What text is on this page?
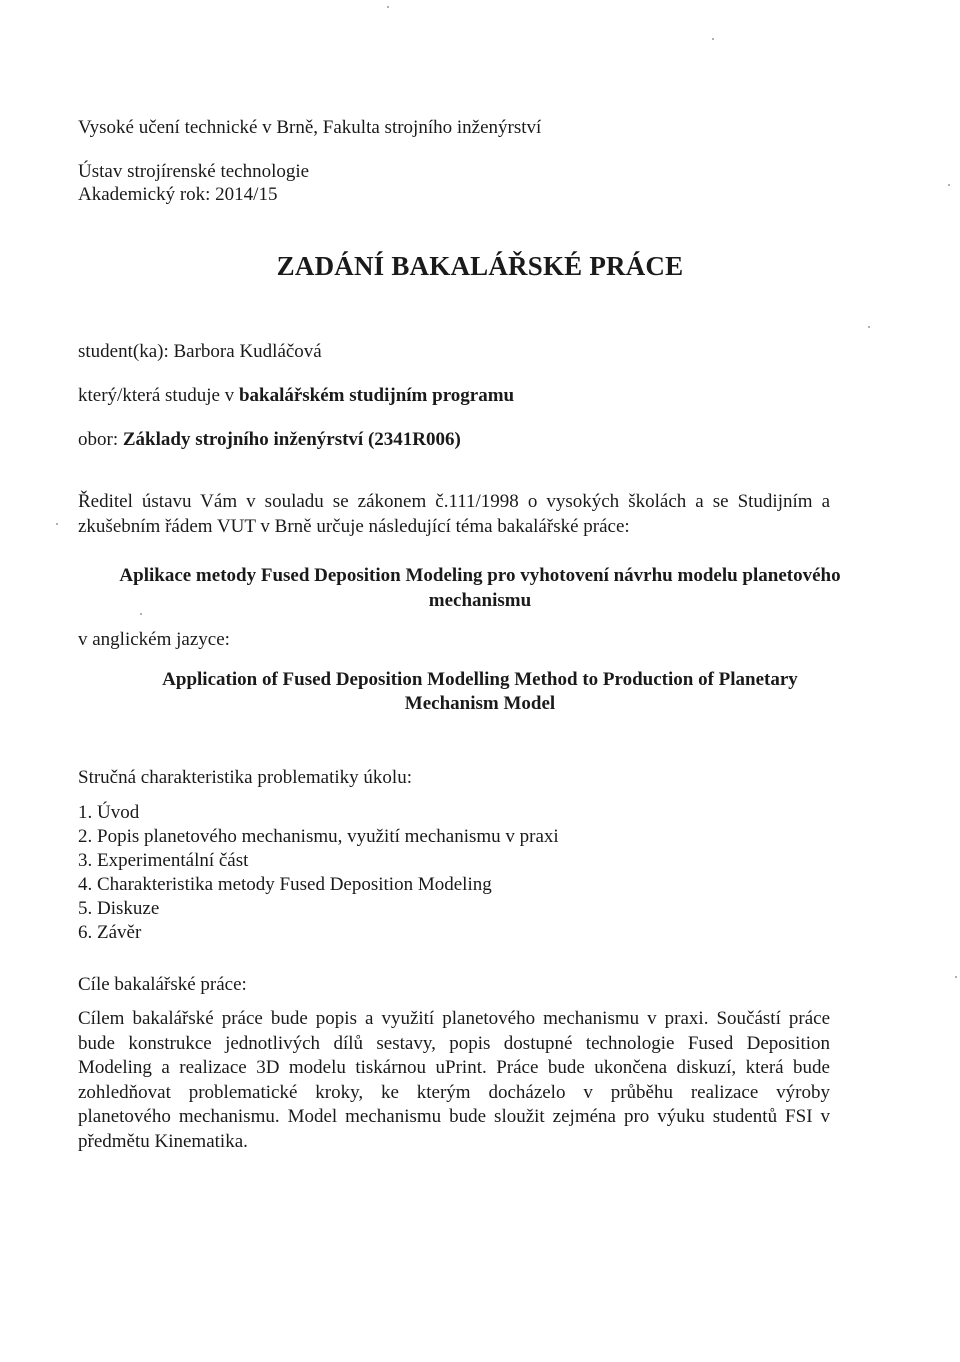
Vysoké učení technické v Brně, Fakulta strojního inženýrství
Ústav strojírenské technologie
Akademický rok: 2014/15
ZADÁNÍ BAKALÁŘSKÉ PRÁCE
student(ka): Barbora Kudláčová
který/která studuje v bakalářském studijním programu
obor: Základy strojního inženýrství (2341R006)
Ředitel ústavu Vám v souladu se zákonem č.111/1998 o vysokých školách a se Studijním a
zkušebním řádem VUT v Brně určuje následující téma bakalářské práce:
Aplikace metody Fused Deposition Modeling pro vyhotovení návrhu modelu planetového
mechanismu
v anglickém jazyce:
Application of Fused Deposition Modelling Method to Production of Planetary
Mechanism Model
Stručná charakteristika problematiky úkolu:
1. Úvod
2. Popis planetového mechanismu, využití mechanismu v praxi
3. Experimentální část
4. Charakteristika metody Fused Deposition Modeling
5. Diskuze
6. Závěr
Cíle bakalářské práce:
Cílem bakalářské práce bude popis a využití planetového mechanismu v praxi. Součástí práce
bude konstrukce jednotlivých dílů sestavy, popis dostupné technologie Fused Deposition
Modeling a realizace 3D modelu tiskárnou uPrint. Práce bude ukončena diskuzí, která bude
zohledňovat problematické kroky, ke kterým docházelo v průběhu realizace výroby
planetového mechanismu. Model mechanismu bude sloužit zejména pro výuku studentů FSI v
předmětu Kinematika.
